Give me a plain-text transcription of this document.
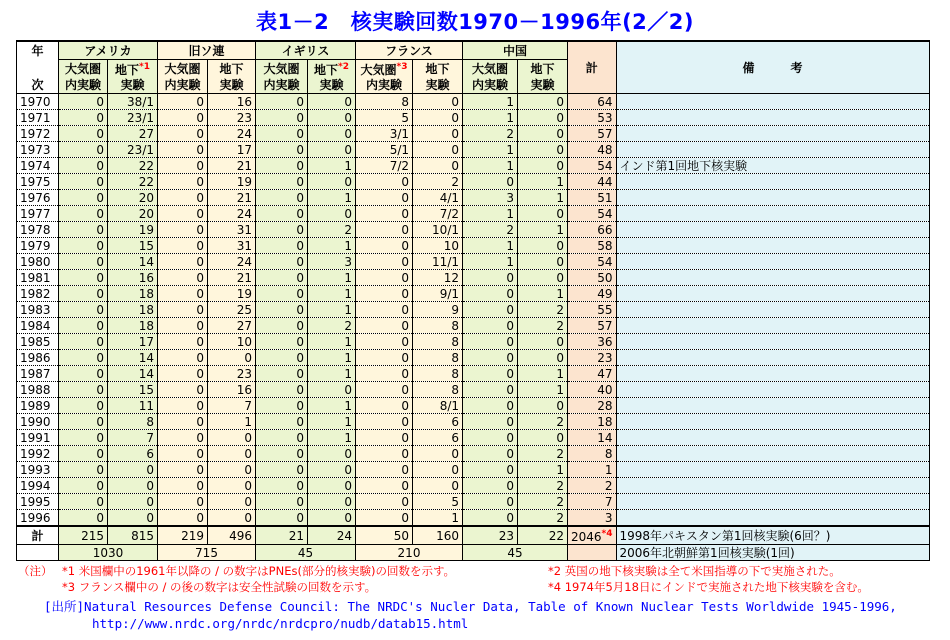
表1－2　核実験回数1970－1996年(2／2)
年	アメリカ		旧ソ連		イギリス		フランス		中国		計	備　　　考
	大気圏	地下$^{*1}$	大気圏	地下	大気圏	地下$^{*2}$	大気圏$^{*3}$	地下	大気圏	地下		
次	内実験	実験	内実験	実験	内実験	実験	内実験	実験	内実験	実験		
1970	0	38/1	0	16	0	0	8	0	1	0	64	
1971	0	23/1	0	23	0	0	5	0	1	0	53	
1972	0	27	0	24	0	0	3/1	0	2	0	57	
1973	0	23/1	0	17	0	0	5/1	0	1	0	48	
1974	0	22	0	21	0	1	7/2	0	1	0	54	インド第1回地下核実験
1975	0	22	0	19	0	0	0	2	0	1	44	
1976	0	20	0	21	0	1	0	4/1	3	1	51	
1977	0	20	0	24	0	0	0	7/2	1	0	54	
1978	0	19	0	31	0	2	0	10/1	2	1	66	
1979	0	15	0	31	0	1	0	10	1	0	58	
1980	0	14	0	24	0	3	0	11/1	1	0	54	
1981	0	16	0	21	0	1	0	12	0	0	50	
1982	0	18	0	19	0	1	0	9/1	0	1	49	
1983	0	18	0	25	0	1	0	9	0	2	55	
1984	0	18	0	27	0	2	0	8	0	2	57	
1985	0	17	0	10	0	1	0	8	0	0	36	
1986	0	14	0	0	0	1	0	8	0	0	23	
1987	0	14	0	23	0	1	0	8	0	1	47	
1988	0	15	0	16	0	0	0	8	0	1	40	
1989	0	11	0	7	0	1	0	8/1	0	0	28	
1990	0	8	0	1	0	1	0	6	0	2	18	
1991	0	7	0	0	0	1	0	6	0	0	14	
1992	0	6	0	0	0	0	0	0	0	2	8	
1993	0	0	0	0	0	0	0	0	0	1	1	
1994	0	0	0	0	0	0	0	0	0	2	2	
1995	0	0	0	0	0	0	0	5	0	2	7	
1996	0	0	0	0	0	0	0	1	0	2	3	
計	215	815	219	496	21	24	50	160	23	22	2046$^{*4}$	1998年パキスタン第1回核実験(6回？)
	1030		715		45		210		45			2006年北朝鮮第1回核実験(1回)
（注） *1 米国欄中の1961年以降の / の数字はPNEs(部分的核実験)の回数を示す。	*2 英国の地下核実験は全て米国指導の下で実施された。
*3 フランス欄中の / の後の数字は安全性試験の回数を示す。	*4 1974年5月18日にインドで実施された地下核実験を含む。
[出所]Natural Resources Defense Council: The NRDC's Nucler Data, Table of Known Nuclear Tests Worldwide 1945-1996,
http://www.nrdc.org/nrdc/nrdcpro/nudb/datab15.html
